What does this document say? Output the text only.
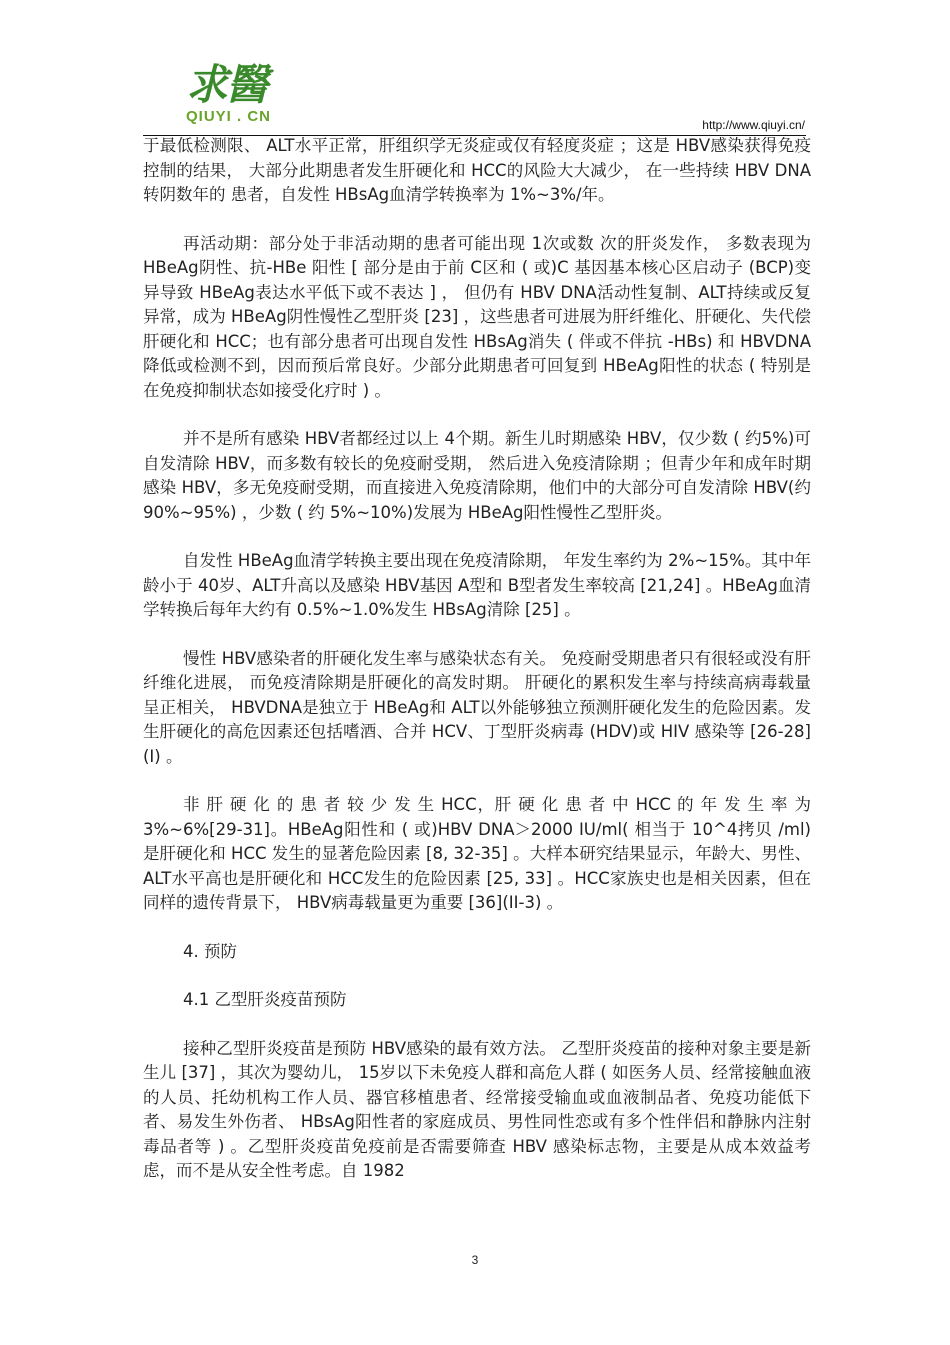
求醫
QIUYI . CN	http://www.qiuyi.cn/

于最低检测限、 ALT水平正常，肝组织学无炎症或仅有轻度炎症 ；这是 HBV感染获得免疫控制的结果， 大部分此期患者发生肝硬化和 HCC的风险大大减少， 在一些持续 HBV DNA转阴数年的 患者，自发性 HBsAg血清学转换率为 1%~3%/年。

再活动期：部分处于非活动期的患者可能出现 1次或数 次的肝炎发作， 多数表现为 HBeAg阴性、抗-HBe 阳性 [ 部分是由于前 C区和 ( 或)C 基因基本核心区启动子 (BCP)变异导致 HBeAg表达水平低下或不表达 ] ， 但仍有 HBV DNA活动性复制、ALT持续或反复异常，成为 HBeAg阴性慢性乙型肝炎 [23] ，这些患者可进展为肝纤维化、肝硬化、失代偿肝硬化和 HCC；也有部分患者可出现自发性 HBsAg消失 ( 伴或不伴抗 -HBs) 和 HBVDNA降低或检测不到，因而预后常良好。少部分此期患者可回复到 HBeAg阳性的状态 ( 特别是在免疫抑制状态如接受化疗时 ) 。

并不是所有感染 HBV者都经过以上 4个期。新生儿时期感染 HBV，仅少数 ( 约5%)可自发清除 HBV，而多数有较长的免疫耐受期， 然后进入免疫清除期 ；但青少年和成年时期感染 HBV，多无免疫耐受期，而直接进入免疫清除期，他们中的大部分可自发清除 HBV(约 90%~95%) ，少数 ( 约 5%~10%)发展为 HBeAg阳性慢性乙型肝炎。

自发性 HBeAg血清学转换主要出现在免疫清除期， 年发生率约为 2%~15%。其中年龄小于 40岁、ALT升高以及感染 HBV基因 A型和 B型者发生率较高 [21,24] 。HBeAg血清学转换后每年大约有 0.5%~1.0%发生 HBsAg清除 [25] 。

慢性 HBV感染者的肝硬化发生率与感染状态有关。 免疫耐受期患者只有很轻或没有肝纤维化进展， 而免疫清除期是肝硬化的高发时期。 肝硬化的累积发生率与持续高病毒载量呈正相关， HBVDNA是独立于 HBeAg和 ALT以外能够独立预测肝硬化发生的危险因素。发生肝硬化的高危因素还包括嗜酒、合并 HCV、丁型肝炎病毒 (HDV)或 HIV 感染等 [26-28](I) 。

非 肝 硬 化 的 患 者 较 少 发 生 HCC，肝 硬 化 患 者 中 HCC 的 年 发 生 率 为3%~6%[29-31]。HBeAg阳性和 ( 或)HBV DNA＞2000 IU/ml( 相当于 10^4拷贝 /ml) 是肝硬化和 HCC 发生的显著危险因素 [8, 32-35] 。大样本研究结果显示，年龄大、男性、 ALT水平高也是肝硬化和 HCC发生的危险因素 [25, 33] 。HCC家族史也是相关因素，但在同样的遗传背景下， HBV病毒载量更为重要 [36](II-3) 。

4. 预防

4.1 乙型肝炎疫苗预防

接种乙型肝炎疫苗是预防 HBV感染的最有效方法。 乙型肝炎疫苗的接种对象主要是新生儿 [37] ，其次为婴幼儿， 15岁以下未免疫人群和高危人群 ( 如医务人员、经常接触血液的人员、托幼机构工作人员、器官移植患者、经常接受输血或血液制品者、免疫功能低下者、易发生外伤者、 HBsAg阳性者的家庭成员、男性同性恋或有多个性伴侣和静脉内注射毒品者等 ) 。乙型肝炎疫苗免疫前是否需要筛查 HBV 感染标志物，主要是从成本效益考虑，而不是从安全性考虑。自 1982

3
